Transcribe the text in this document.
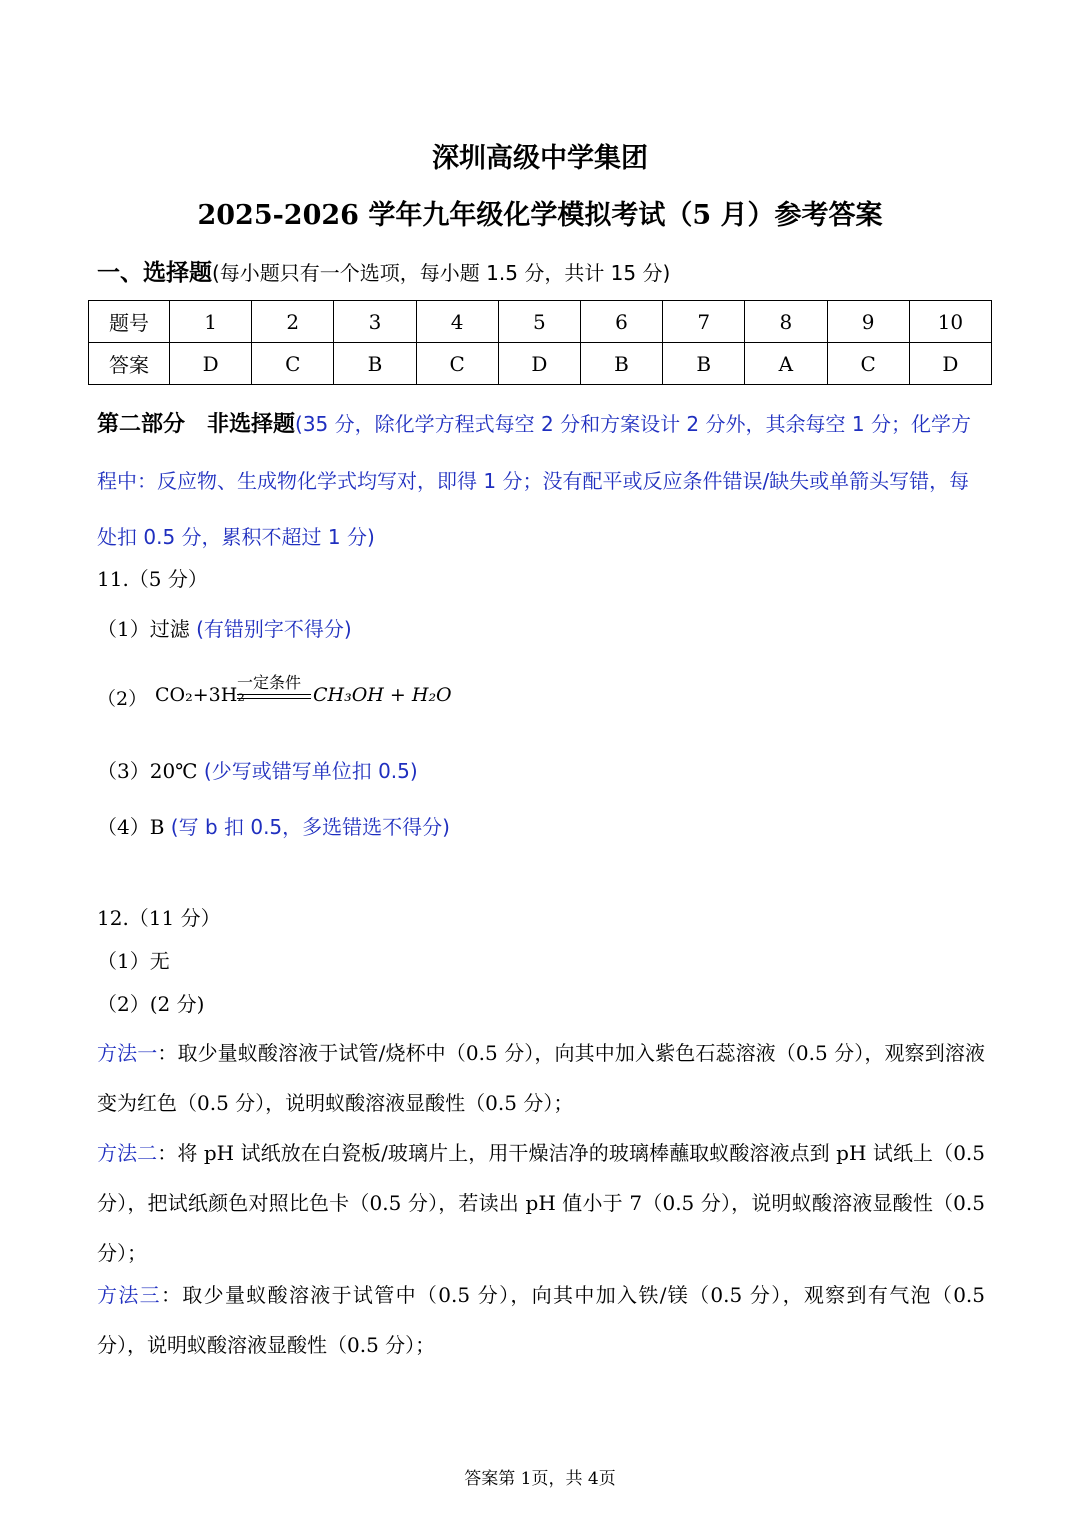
深圳高级中学集团
2025-2026 学年九年级化学模拟考试（5 月）参考答案
一、选择题(每小题只有一个选项，每小题 1.5 分，共计 15 分)
题号	1	2	3	4	5	6	7	8	9	10
答案	D	C	B	C	D	B	B	A	C	D

第二部分　非选择题(35 分，除化学方程式每空 2 分和方案设计 2 分外，其余每空 1 分；化学方程中：反应物、生成物化学式均写对，即得 1 分；没有配平或反应条件错误/缺失或单箭头写错，每处扣 0.5 分，累积不超过 1 分)

11.（5 分）

（1）过滤 (有错别字不得分)

（2） CO₂+3H₂
一定条件
CH₃OH + H₂O

（3）20℃ (少写或错写单位扣 0.5)

（4）B (写 b 扣 0.5，多选错选不得分)

12.（11 分）

（1）无

（2）(2 分)

方法一：取少量蚁酸溶液于试管/烧杯中（0.5 分），向其中加入紫色石蕊溶液（0.5 分），观察到溶液变为红色（0.5 分），说明蚁酸溶液显酸性（0.5 分）；

方法二：将 pH 试纸放在白瓷板/玻璃片上，用干燥洁净的玻璃棒蘸取蚁酸溶液点到 pH 试纸上（0.5 分），把试纸颜色对照比色卡（0.5 分），若读出 pH 值小于 7（0.5 分），说明蚁酸溶液显酸性（0.5 分）；

方法三：取少量蚁酸溶液于试管中（0.5 分），向其中加入铁/镁（0.5 分），观察到有气泡（0.5 分），说明蚁酸溶液显酸性（0.5 分）；

答案第 1页，共 4页
